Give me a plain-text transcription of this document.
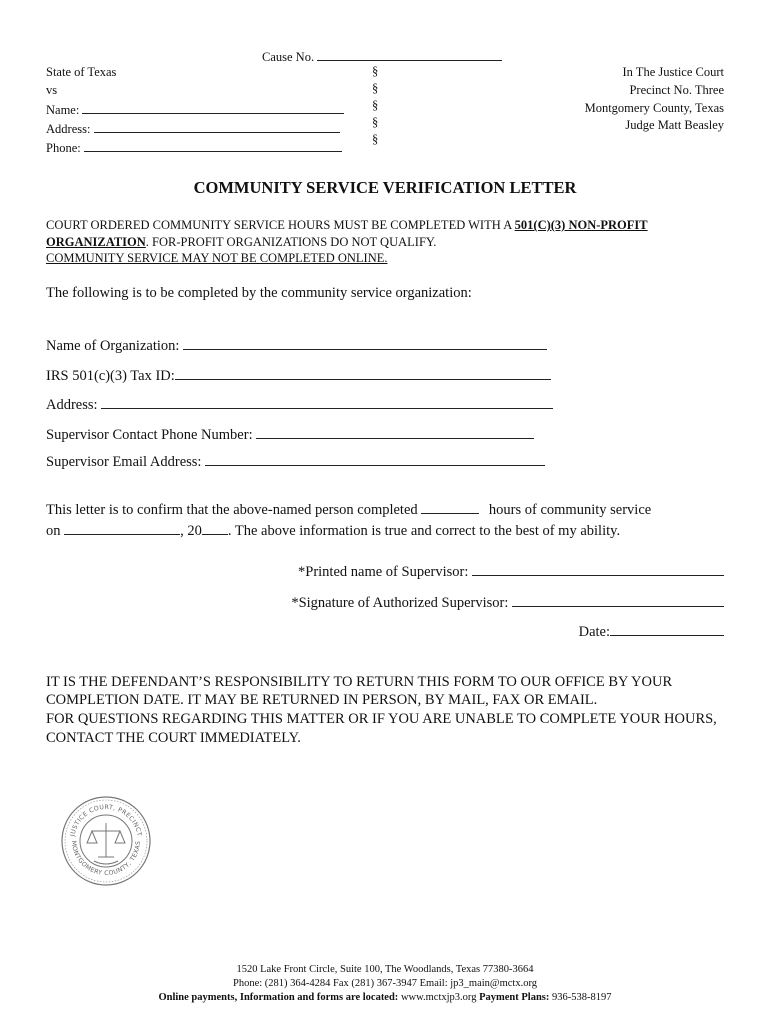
Cause No.
State of Texas
vs
Name:
Address:
Phone:
§
§
§
§
§
In The Justice Court
Precinct No. Three
Montgomery County, Texas
Judge Matt Beasley
COMMUNITY SERVICE VERIFICATION LETTER
COURT ORDERED COMMUNITY SERVICE HOURS MUST BE COMPLETED WITH A 501(C)(3) NON-PROFIT
ORGANIZATION. FOR-PROFIT ORGANIZATIONS DO NOT QUALIFY.
COMMUNITY SERVICE MAY NOT BE COMPLETED ONLINE.
The following is to be completed by the community service organization:
Name of Organization:
IRS 501(c)(3) Tax ID:
Address:
Supervisor Contact Phone Number:
Supervisor Email Address:
This letter is to confirm that the above-named person completed	hours of community service
on	, 20 . The above information is true and correct to the best of my ability.
*Printed name of Supervisor:
*Signature of Authorized Supervisor:
Date:
IT IS THE DEFENDANT’S RESPONSIBILITY TO RETURN THIS FORM TO OUR OFFICE BY YOUR
COMPLETION DATE. IT MAY BE RETURNED IN PERSON, BY MAIL, FAX OR EMAIL.
FOR QUESTIONS REGARDING THIS MATTER OR IF YOU ARE UNABLE TO COMPLETE YOUR HOURS,
CONTACT THE COURT IMMEDIATELY.
JUSTICE COURT, PRECINCT
MONTGOMERY COUNTY, TEXAS
1520 Lake Front Circle, Suite 100, The Woodlands, Texas 77380-3664
Phone: (281) 364-4284 Fax (281) 367-3947 Email: jp3_main@mctx.org
Online payments, Information and forms are located: www.mctxjp3.org Payment Plans: 936-538-8197
